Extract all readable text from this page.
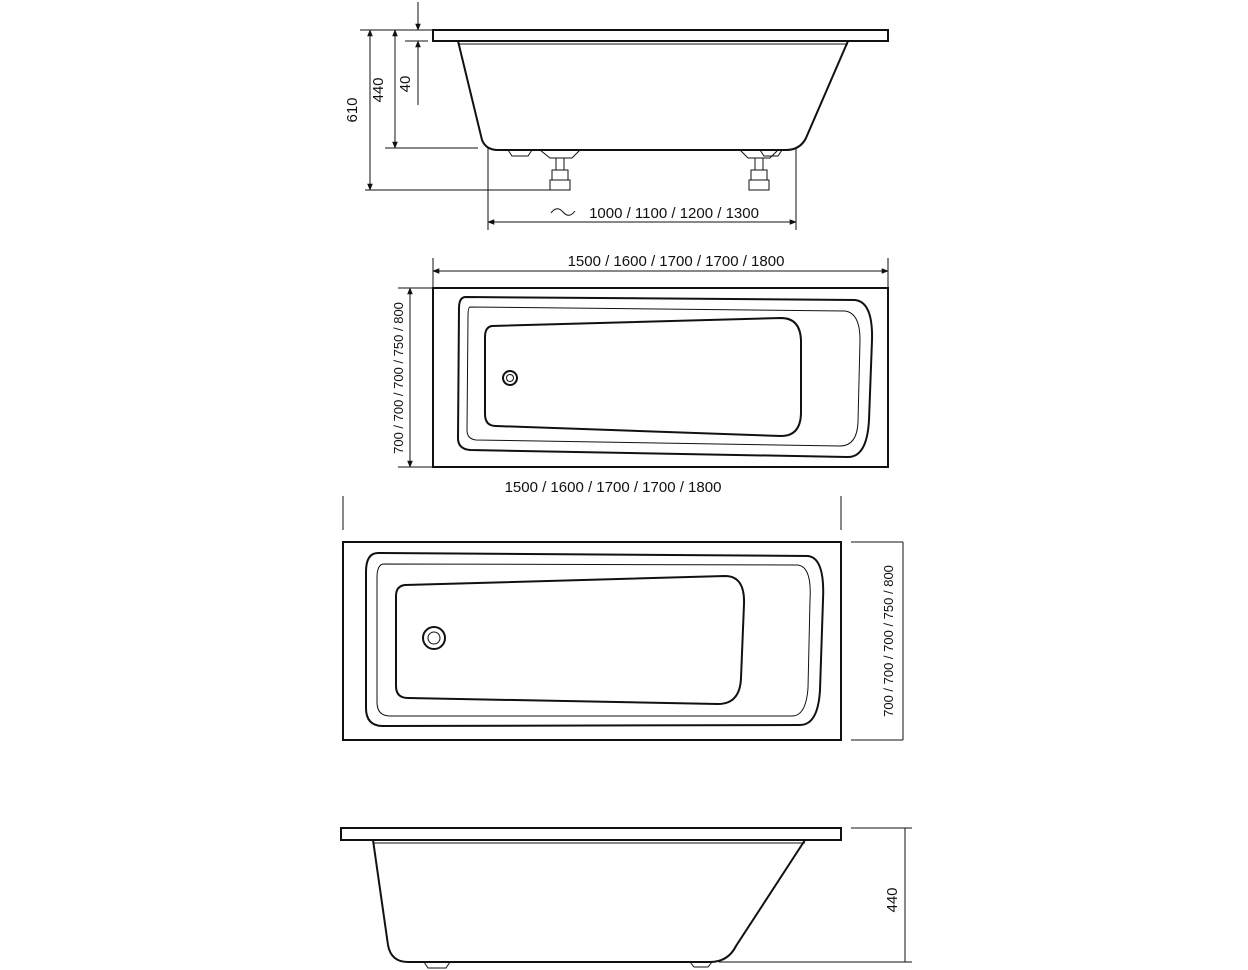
610
440 40
1000 / 1100 / 1200 / 1300
1500 / 1600 / 1700 / 1700 / 1800
700 / 700 / 700 / 750 / 800
1500 / 1600 / 1700 / 1700 / 1800
700 / 700 / 700 / 750 / 800
440
